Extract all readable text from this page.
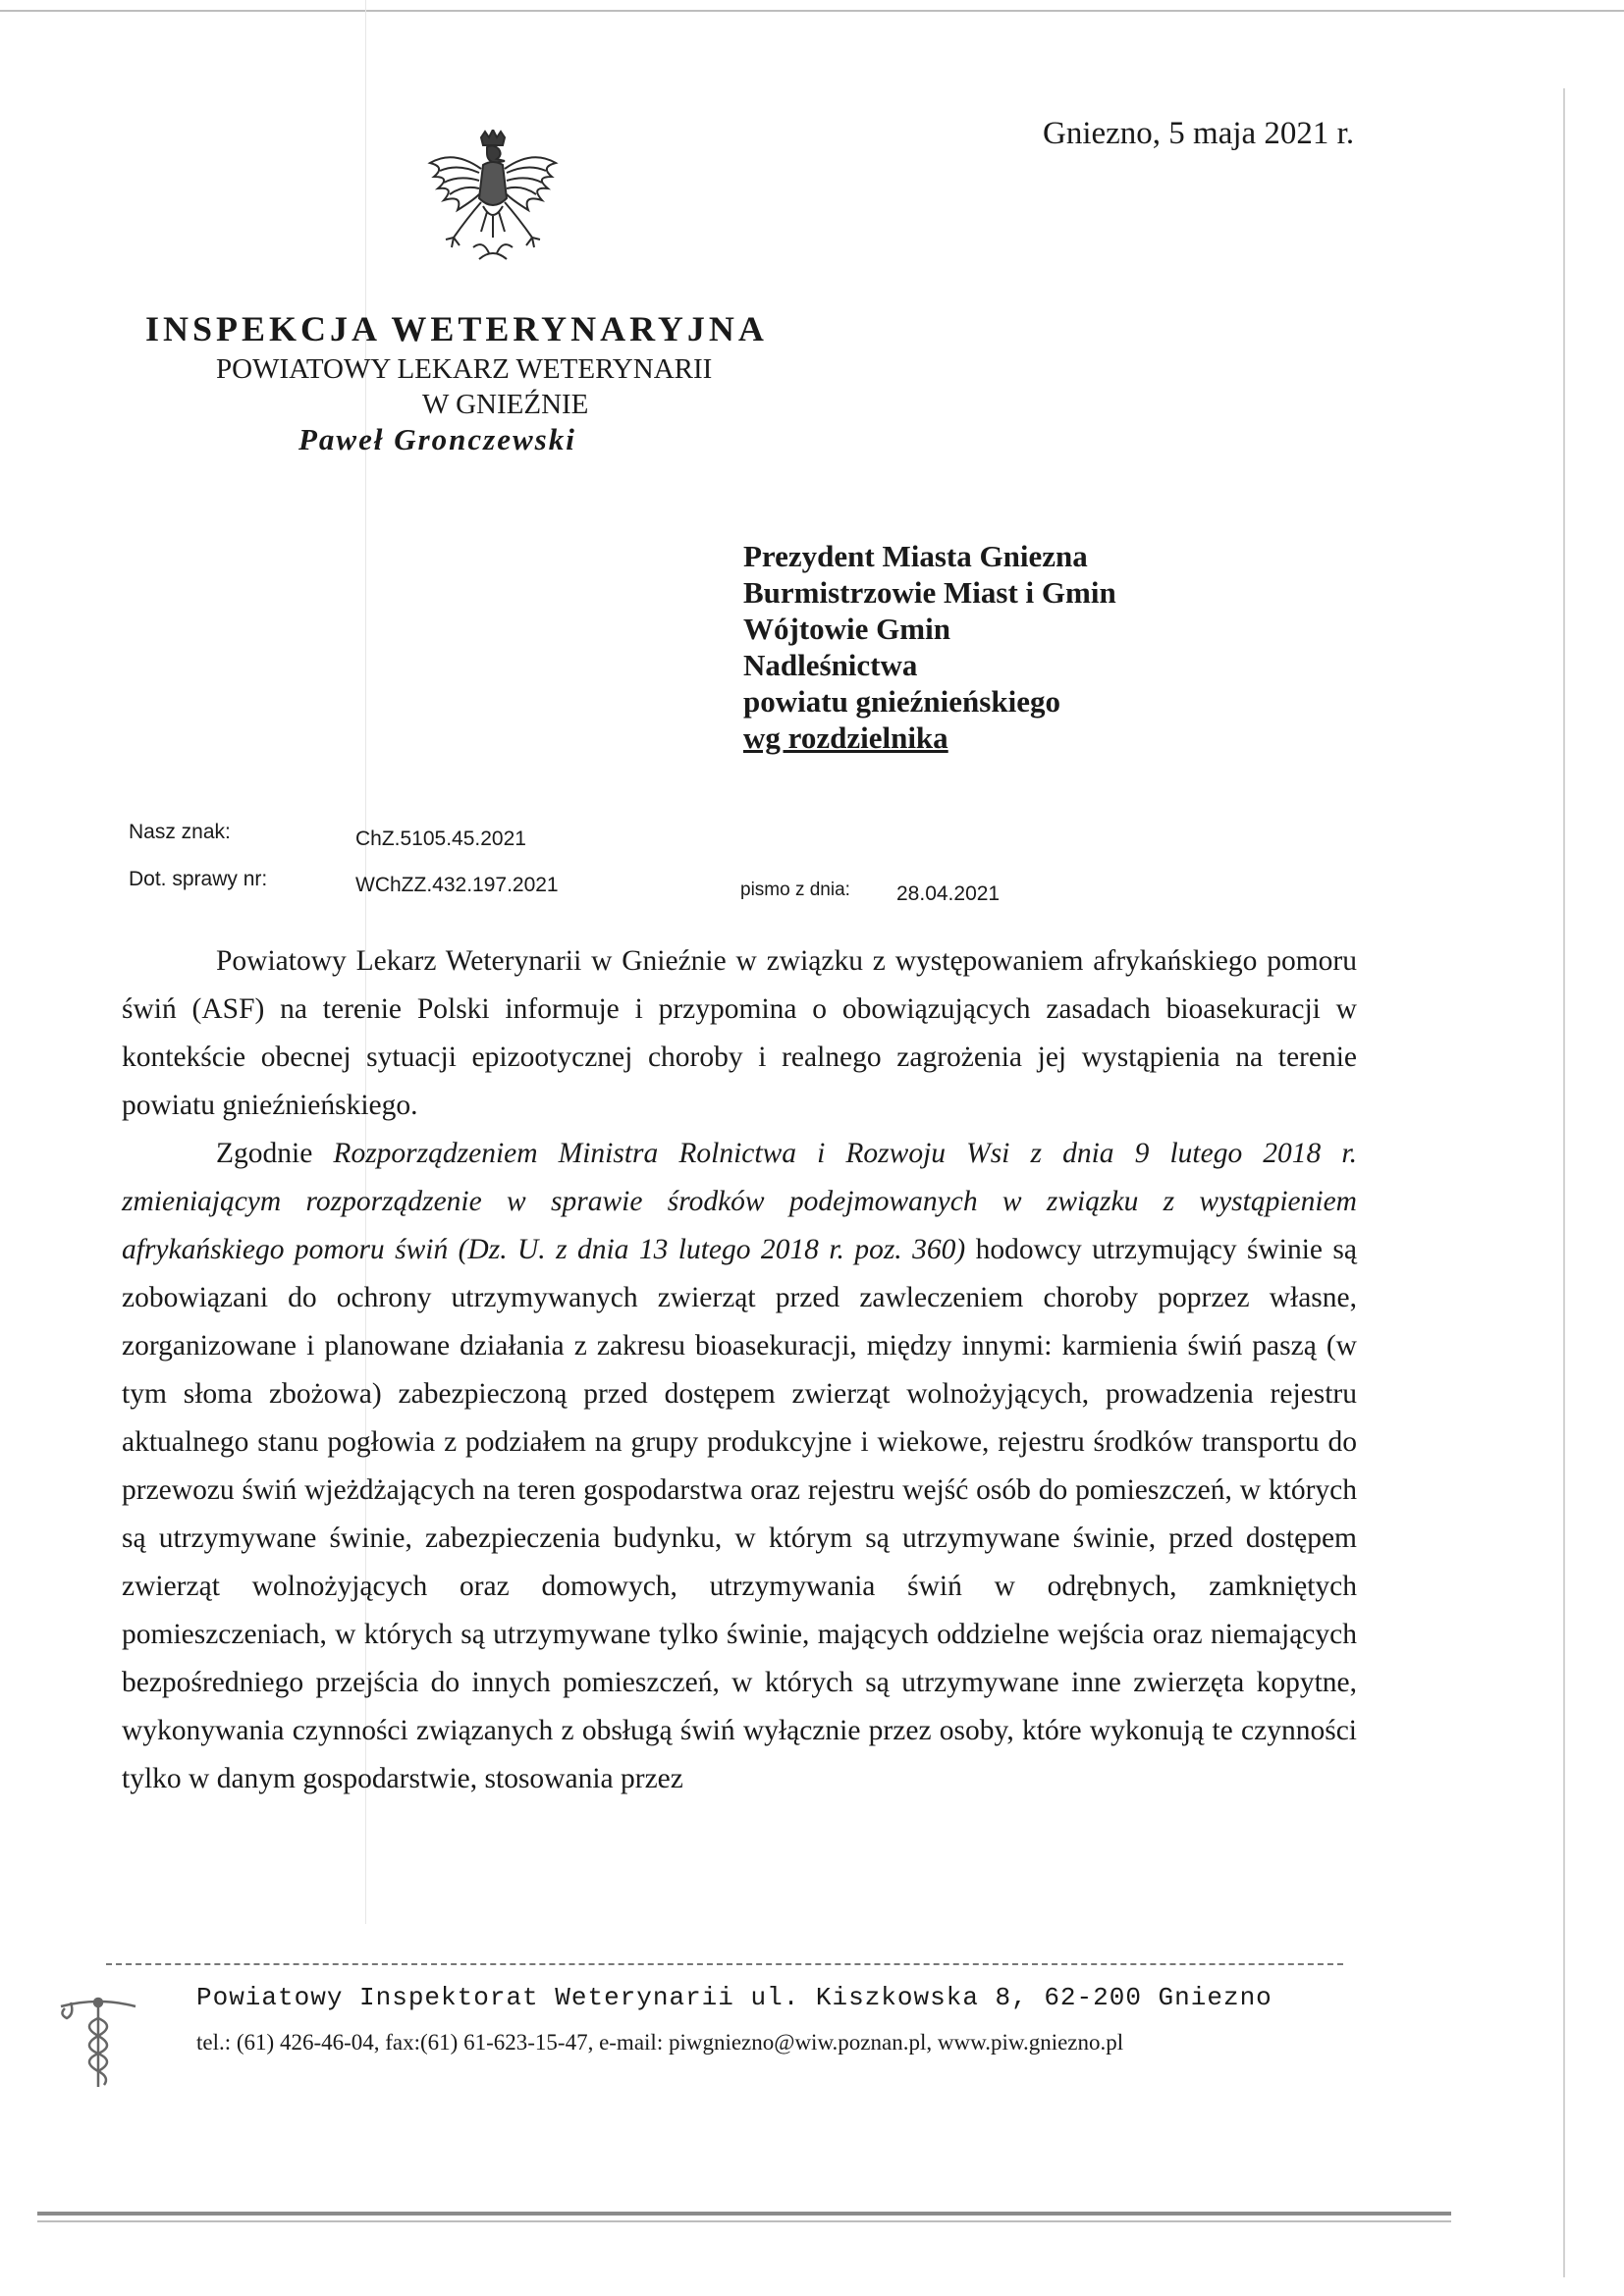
Gniezno, 5 maja 2021 r.
INSPEKCJA WETERYNARYJNA
POWIATOWY LEKARZ WETERYNARII
W GNIEŹNIE
Paweł Gronczewski
Prezydent Miasta Gniezna
Burmistrzowie Miast i Gmin
Wójtowie Gmin
Nadleśnictwa
powiatu gnieźnieńskiego
wg rozdzielnika
Nasz znak:	ChZ.5105.45.2021
Dot. sprawy nr:	WChZZ.432.197.2021	pismo z dnia: 28.04.2021

Powiatowy Lekarz Weterynarii w Gnieźnie w związku z występowaniem afrykańskiego pomoru świń (ASF) na terenie Polski informuje i przypomina o obowiązujących zasadach bioasekuracji w kontekście obecnej sytuacji epizootycznej choroby i realnego zagrożenia jej wystąpienia na terenie powiatu gnieźnieńskiego.

Zgodnie Rozporządzeniem Ministra Rolnictwa i Rozwoju Wsi z dnia 9 lutego 2018 r. zmieniającym rozporządzenie w sprawie środków podejmowanych w związku z wystąpieniem afrykańskiego pomoru świń (Dz. U. z dnia 13 lutego 2018 r. poz. 360) hodowcy utrzymujący świnie są zobowiązani do ochrony utrzymywanych zwierząt przed zawleczeniem choroby poprzez własne, zorganizowane i planowane działania z zakresu bioasekuracji, między innymi: karmienia świń paszą (w tym słoma zbożowa) zabezpieczoną przed dostępem zwierząt wolnożyjących, prowadzenia rejestru aktualnego stanu pogłowia z podziałem na grupy produkcyjne i wiekowe, rejestru środków transportu do przewozu świń wjeżdżających na teren gospodarstwa oraz rejestru wejść osób do pomieszczeń, w których są utrzymywane świnie, zabezpieczenia budynku, w którym są utrzymywane świnie, przed dostępem zwierząt wolnożyjących oraz domowych, utrzymywania świń w odrębnych, zamkniętych pomieszczeniach, w których są utrzymywane tylko świnie, mających oddzielne wejścia oraz niemających bezpośredniego przejścia do innych pomieszczeń, w których są utrzymywane inne zwierzęta kopytne, wykonywania czynności związanych z obsługą świń wyłącznie przez osoby, które wykonują te czynności tylko w danym gospodarstwie, stosowania przez

Powiatowy Inspektorat Weterynarii ul. Kiszkowska 8, 62-200 Gniezno
tel.: (61) 426-46-04, fax:(61) 61-623-15-47, e-mail: piwgniezno@wiw.poznan.pl, www.piw.gniezno.pl
